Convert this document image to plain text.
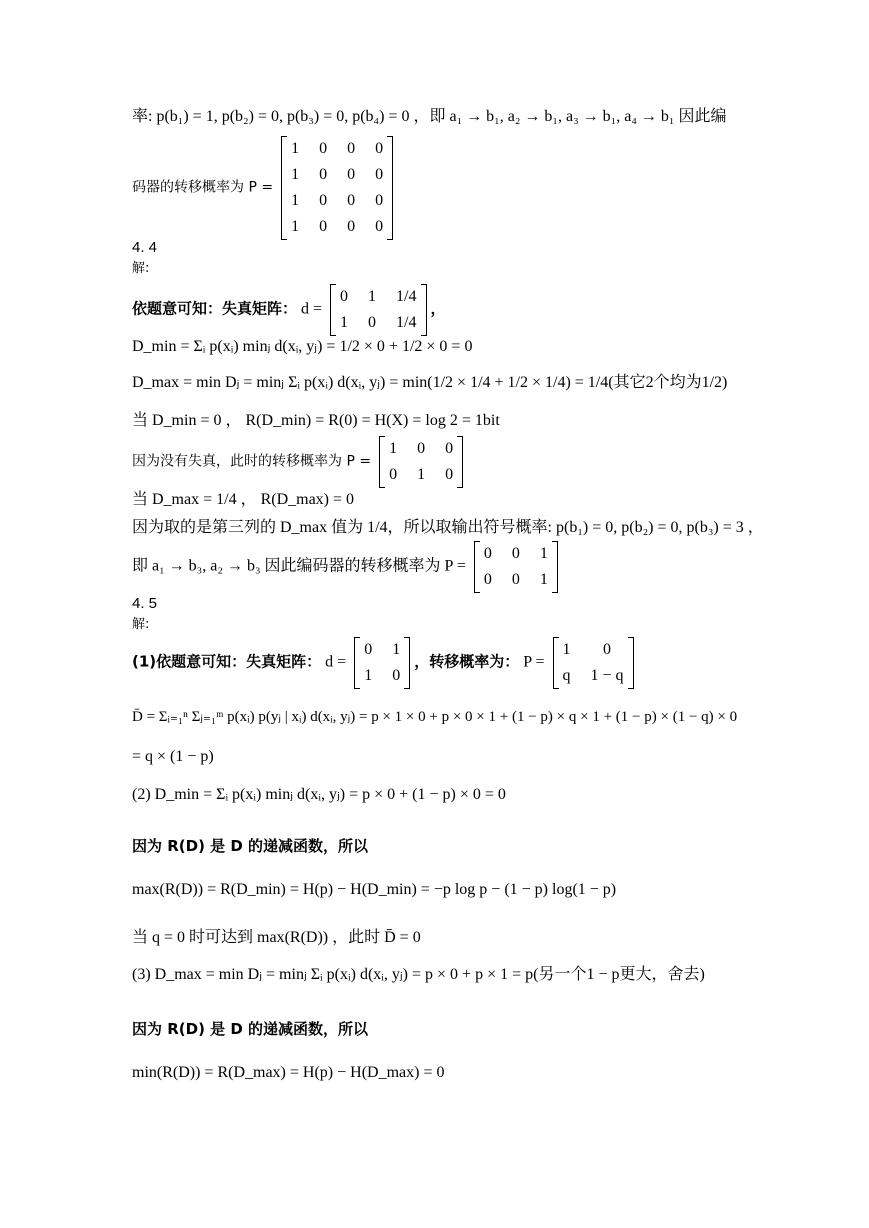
率: p(b₁) = 1, p(b₂) = 0, p(b₃) = 0, p(b₄) = 0 ，即 a₁ → b₁, a₂ → b₁, a₃ → b₁, a₄ → b₁ 因此编
码器的转移概率为 P =
1	0	0	0
1	0	0	0
1	0	0	0
1	0	0	0
4. 4
解:
依题意可知：失真矩阵： d =
0	1	1/4
1	0	1/4
，
D_min = Σᵢ p(xᵢ) minⱼ d(xᵢ, yⱼ) = 1/2 × 0 + 1/2 × 0 = 0
D_max = min Dⱼ = minⱼ Σᵢ p(xᵢ) d(xᵢ, yⱼ) = min(1/2 × 1/4 + 1/2 × 1/4) = 1/4(其它2个均为1/2)
当 D_min = 0 ， R(D_min) = R(0) = H(X) = log 2 = 1bit
因为没有失真，此时的转移概率为 P =
1	0	0
0	1	0
当 D_max = 1/4 ， R(D_max) = 0
因为取的是第三列的 D_max 值为 1/4，所以取输出符号概率: p(b₁) = 0, p(b₂) = 0, p(b₃) = 3 ，
即 a₁ → b₃, a₂ → b₃ 因此编码器的转移概率为 P =
0	0	1
0	0	1
4. 5
解:
(1)依题意可知：失真矩阵： d =
0	1
1	0
，转移概率为： P =
1	0
q	1 − q
D̄ = Σᵢ₌₁ⁿ Σⱼ₌₁ᵐ p(xᵢ) p(yⱼ | xᵢ) d(xᵢ, yⱼ) = p × 1 × 0 + p × 0 × 1 + (1 − p) × q × 1 + (1 − p) × (1 − q) × 0
= q × (1 − p)
(2) D_min = Σᵢ p(xᵢ) minⱼ d(xᵢ, yⱼ) = p × 0 + (1 − p) × 0 = 0
因为 R(D) 是 D 的递减函数，所以
max(R(D)) = R(D_min) = H(p) − H(D_min) = −p log p − (1 − p) log(1 − p)
当 q = 0 时可达到 max(R(D)) ，此时 D̄ = 0
(3) D_max = min Dⱼ = minⱼ Σᵢ p(xᵢ) d(xᵢ, yⱼ) = p × 0 + p × 1 = p(另一个1 − p更大，舍去)
因为 R(D) 是 D 的递减函数，所以
min(R(D)) = R(D_max) = H(p) − H(D_max) = 0
